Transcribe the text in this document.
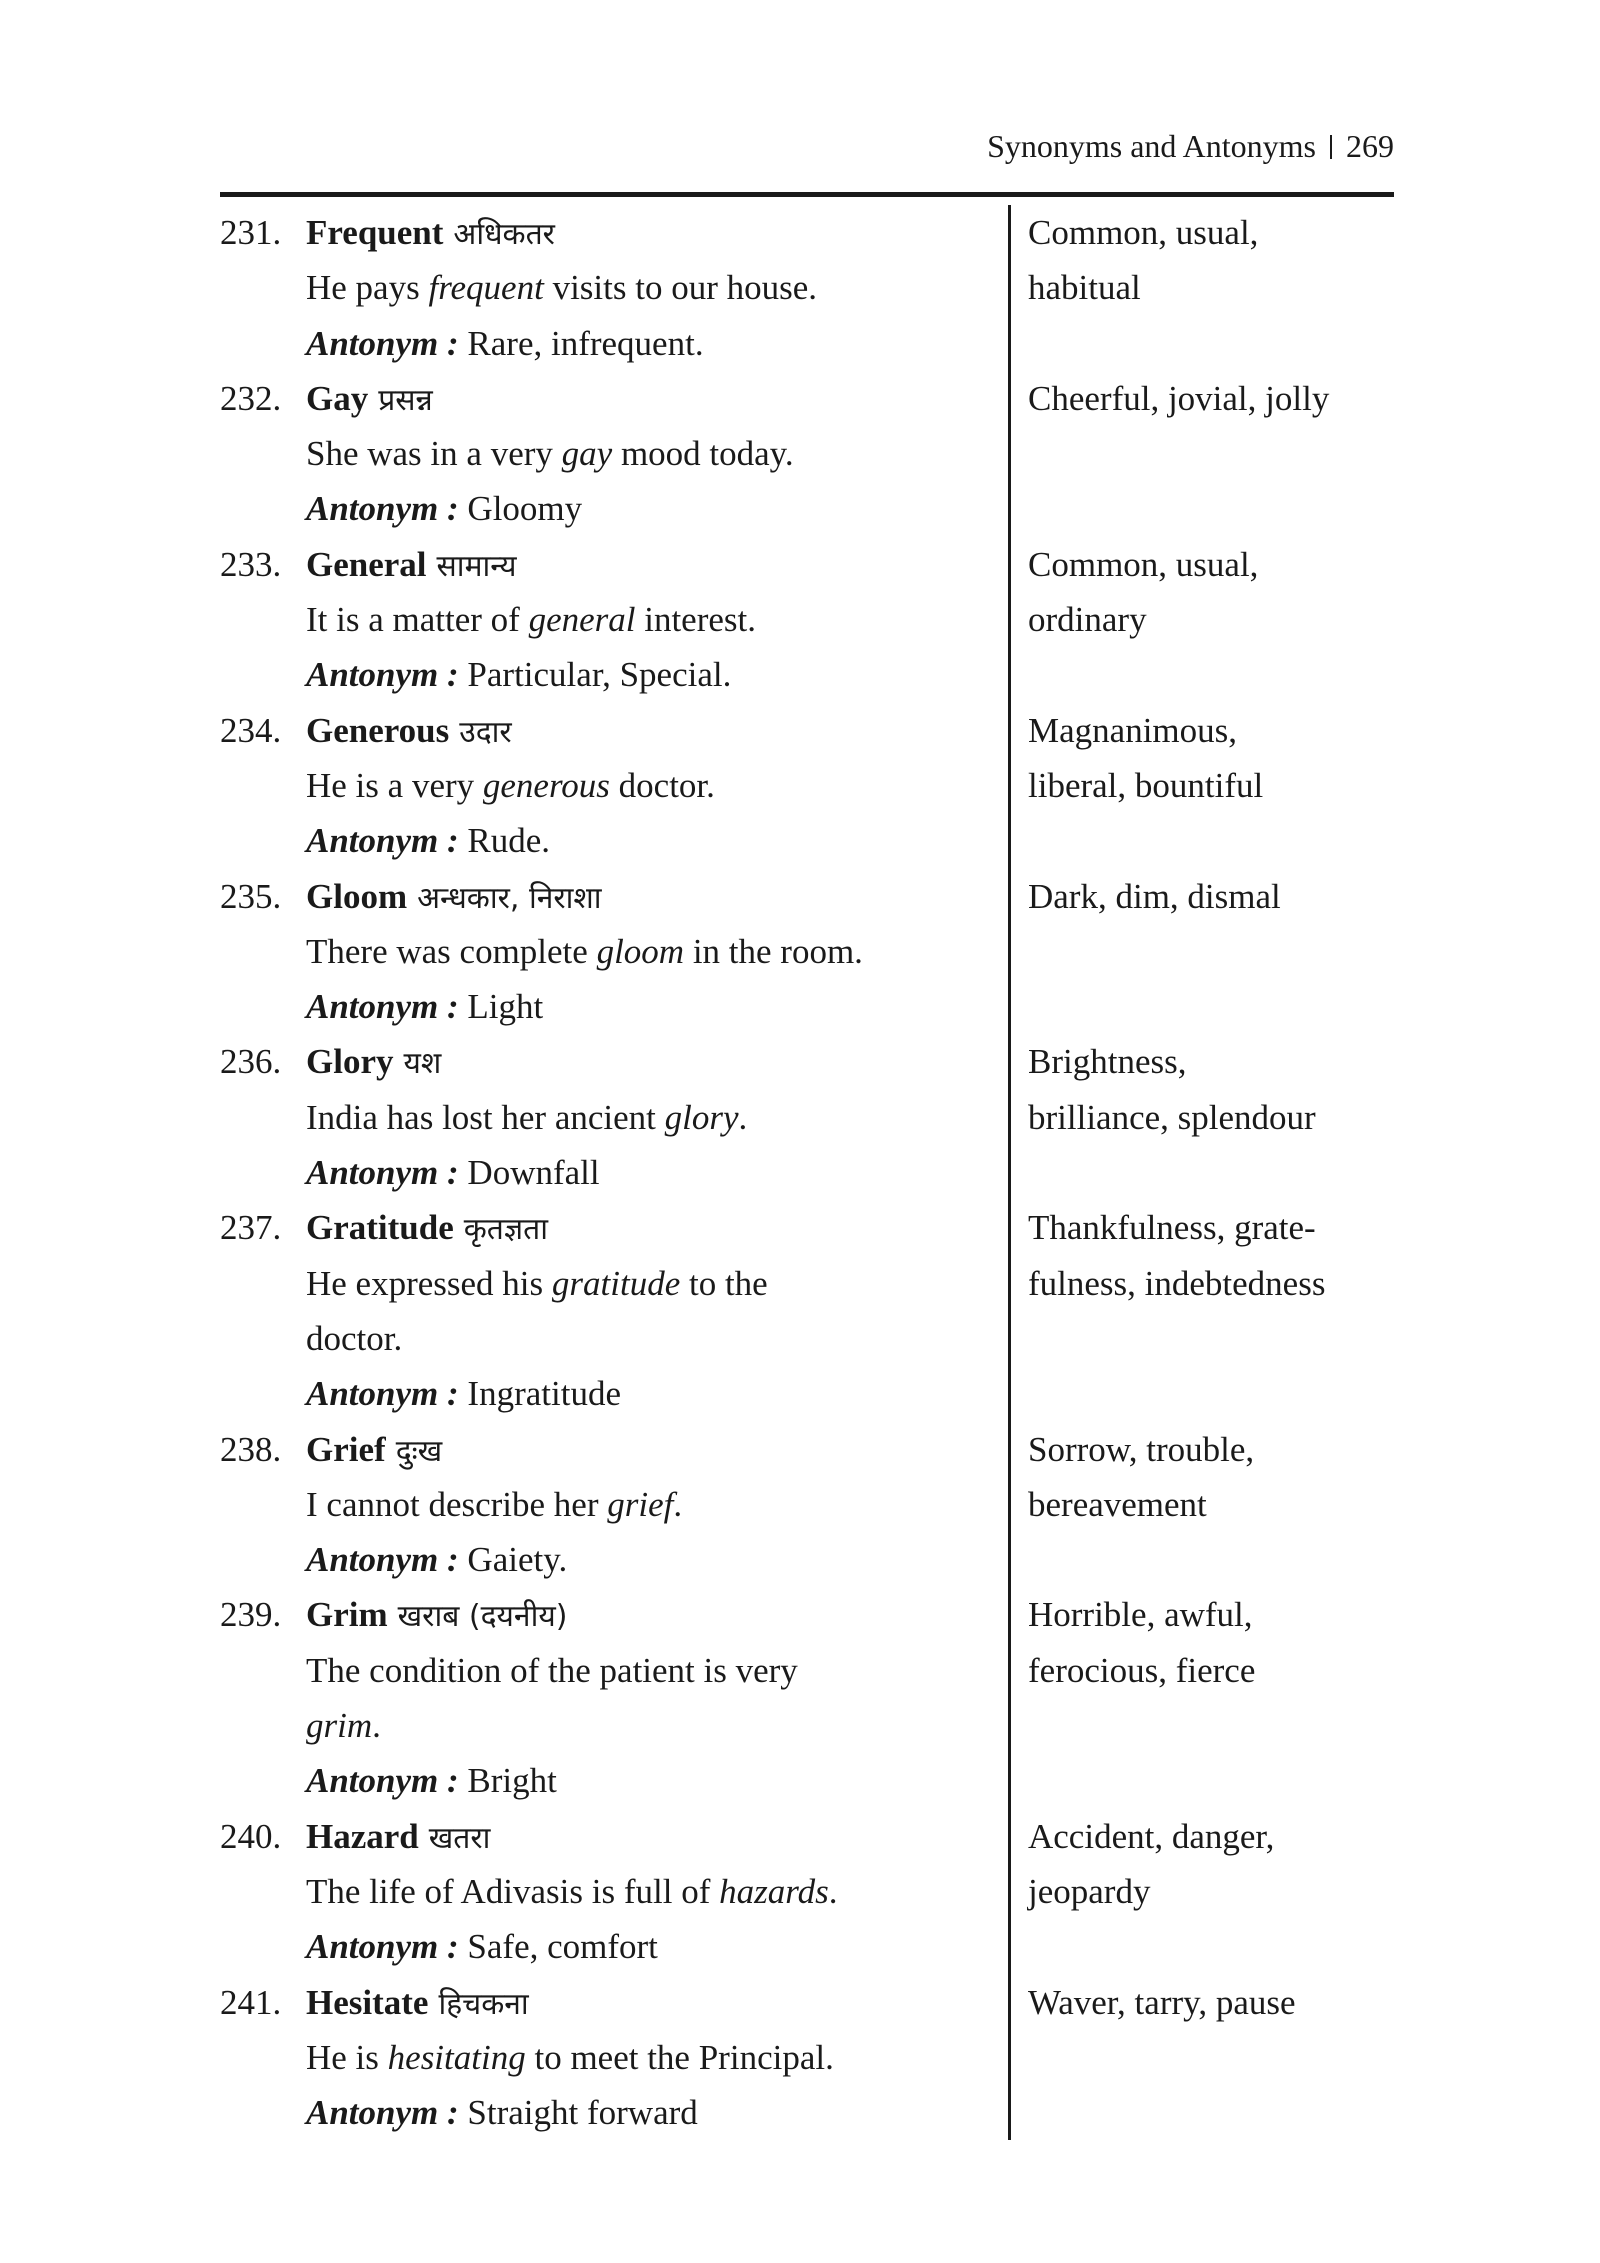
Synonyms and Antonyms 269
231. Frequent अधिकतर
He pays frequent visits to our house.
Antonym : Rare, infrequent.
Common, usual,
habitual
232. Gay प्रसन्न
She was in a very gay mood today.
Antonym : Gloomy
Cheerful, jovial, jolly
233. General सामान्य
It is a matter of general interest.
Antonym : Particular, Special.
Common, usual,
ordinary
234. Generous उदार
He is a very generous doctor.
Antonym : Rude.
Magnanimous,
liberal, bountiful
235. Gloom अन्धकार, निराशा
There was complete gloom in the room.
Antonym : Light
Dark, dim, dismal
236. Glory यश
India has lost her ancient glory.
Antonym : Downfall
Brightness,
brilliance, splendour
237. Gratitude कृतज्ञता
He expressed his gratitude to the
doctor.
Antonym : Ingratitude
Thankfulness, grate-
fulness, indebtedness
238. Grief दुःख
I cannot describe her grief.
Antonym : Gaiety.
Sorrow, trouble,
bereavement
239. Grim खराब (दयनीय)
The condition of the patient is very
grim.
Antonym : Bright
Horrible, awful,
ferocious, fierce
240. Hazard खतरा
The life of Adivasis is full of hazards.
Antonym : Safe, comfort
Accident, danger,
jeopardy
241. Hesitate हिचकना
He is hesitating to meet the Principal.
Antonym : Straight forward
Waver, tarry, pause
